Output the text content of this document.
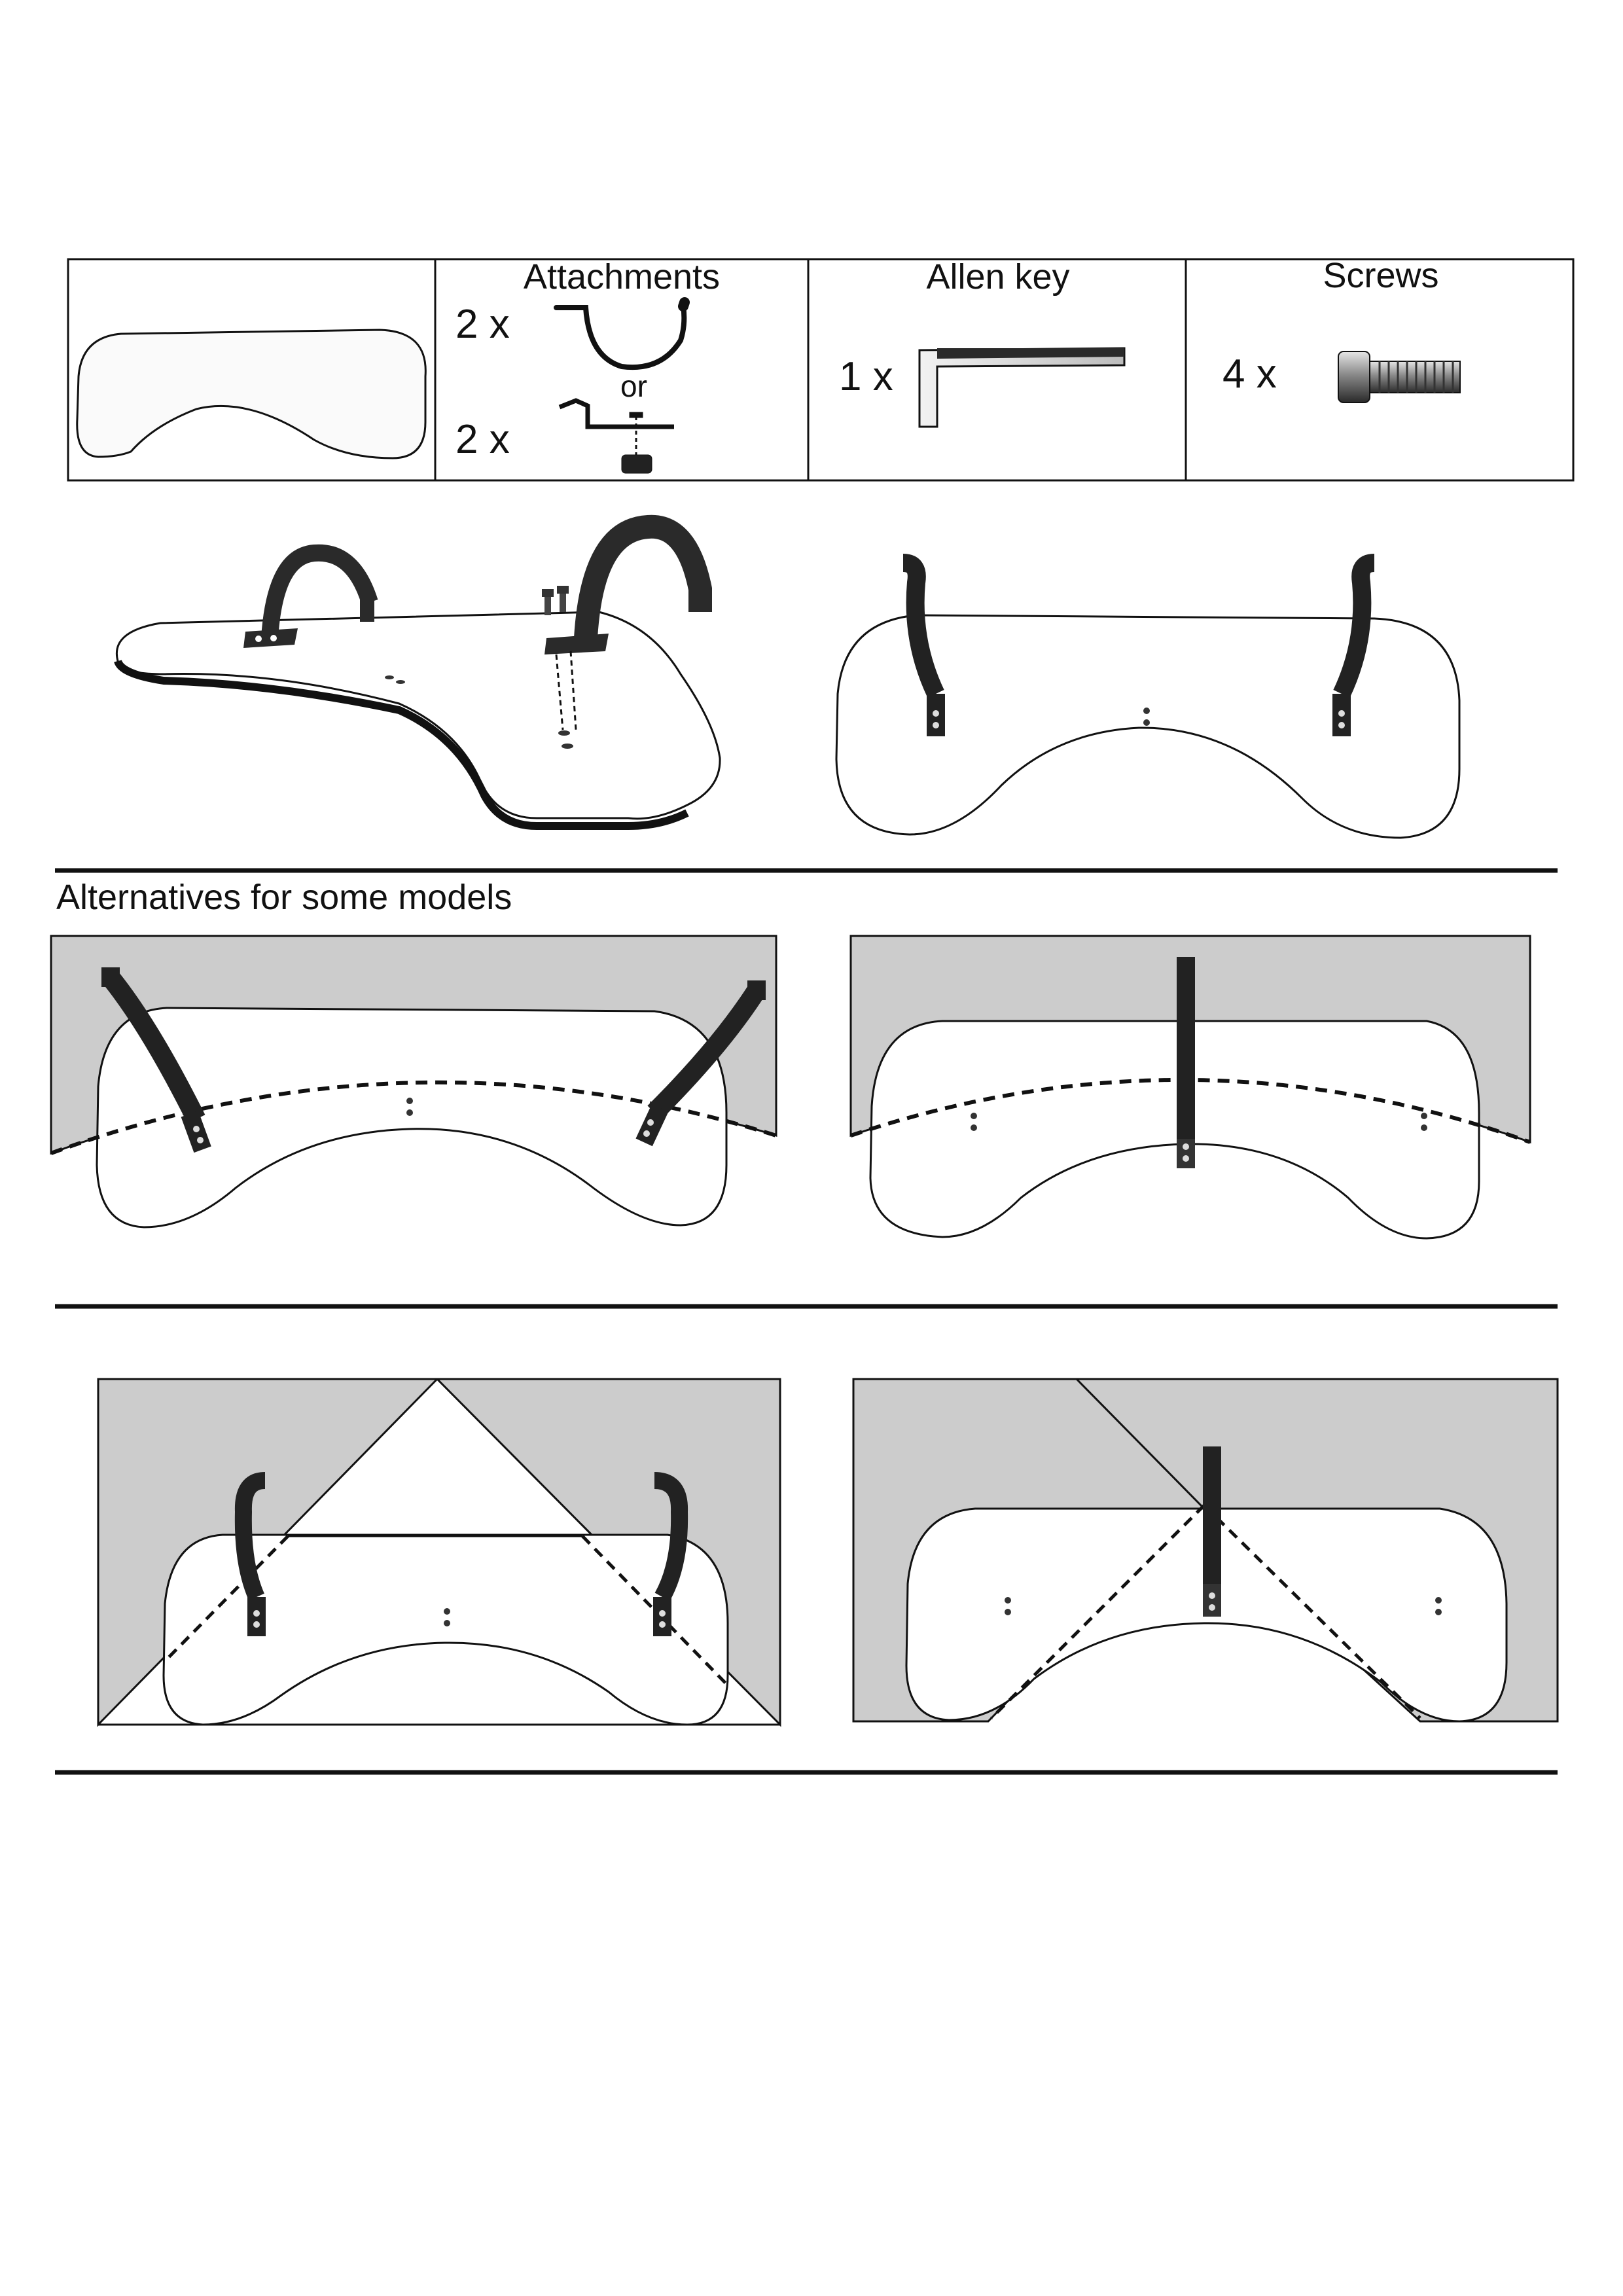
Attachments
2 x
or
2 x
Allen key
1 x
Screws
4 x
Alternatives for some models
